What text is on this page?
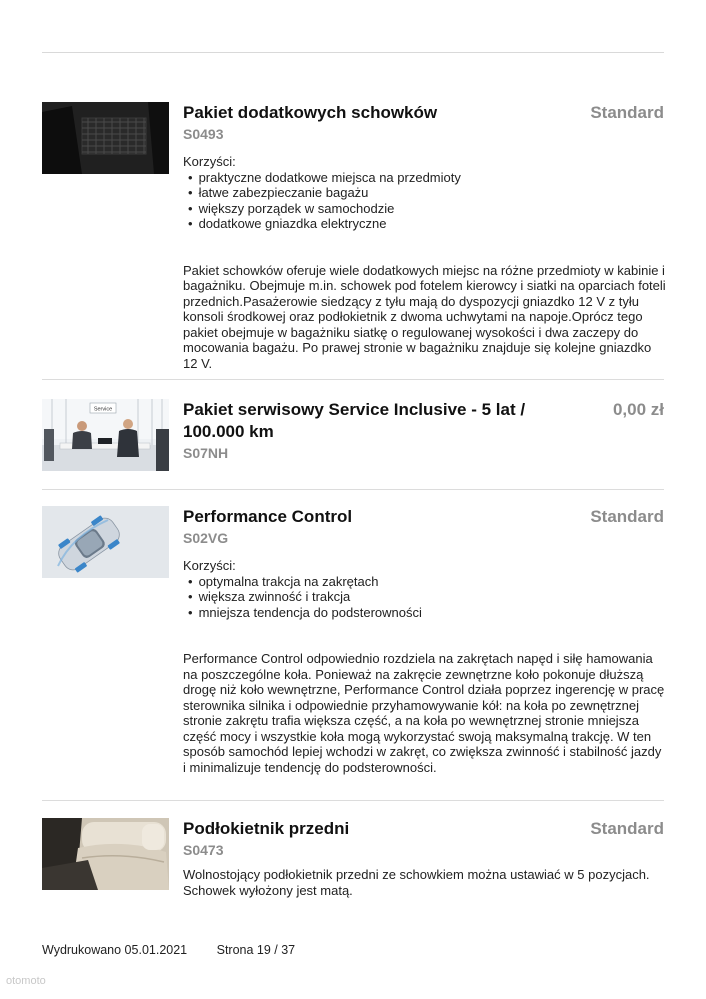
Pakiet dodatkowych schowków
S0493
Korzyści:
• praktyczne dodatkowe miejsca na przedmioty
• łatwe zabezpieczanie bagażu
• większy porządek w samochodzie
• dodatkowe gniazdka elektryczne
Pakiet schowków oferuje wiele dodatkowych miejsc na różne przedmioty w kabinie i bagażniku. Obejmuje m.in. schowek pod fotelem kierowcy i siatki na oparciach foteli przednich.Pasażerowie siedzący z tyłu mają do dyspozycji gniazdko 12 V z tyłu konsoli środkowej oraz podłokietnik z dwoma uchwytami na napoje.Oprócz tego pakiet obejmuje w bagażniku siatkę o regulowanej wysokości i dwa zaczepy do mocowania bagażu. Po prawej stronie w bagażniku znajduje się kolejne gniazdko 12 V.
Standard
Service	Pakiet serwisowy Service Inclusive - 5 lat / 100.000 km
S07NH
0,00 zł
Performance Control
S02VG
Korzyści:
• optymalna trakcja na zakrętach
• większa zwinność i trakcja
• mniejsza tendencja do podsterowności
Performance Control odpowiednio rozdziela na zakrętach napęd i siłę hamowania na poszczególne koła. Ponieważ na zakręcie zewnętrzne koło pokonuje dłuższą drogę niż koło wewnętrzne, Performance Control działa poprzez ingerencję w pracę sterownika silnika i odpowiednie przyhamowywanie kół: na koła po zewnętrznej stronie zakrętu trafia większa część, a na koła po wewnętrznej stronie mniejsza część mocy i wszystkie koła mogą wykorzystać swoją maksymalną trakcję. W ten sposób samochód lepiej wchodzi w zakręt, co zwiększa zwinność i stabilność jazdy i minimalizuje tendencję do podsterowności.
Standard
Podłokietnik przedni
S0473
Wolnostojący podłokietnik przedni ze schowkiem można ustawiać w 5 pozycjach. Schowek wyłożony jest matą.
Standard
Wydrukowano 05.01.2021 Strona 19 / 37
otomoto
